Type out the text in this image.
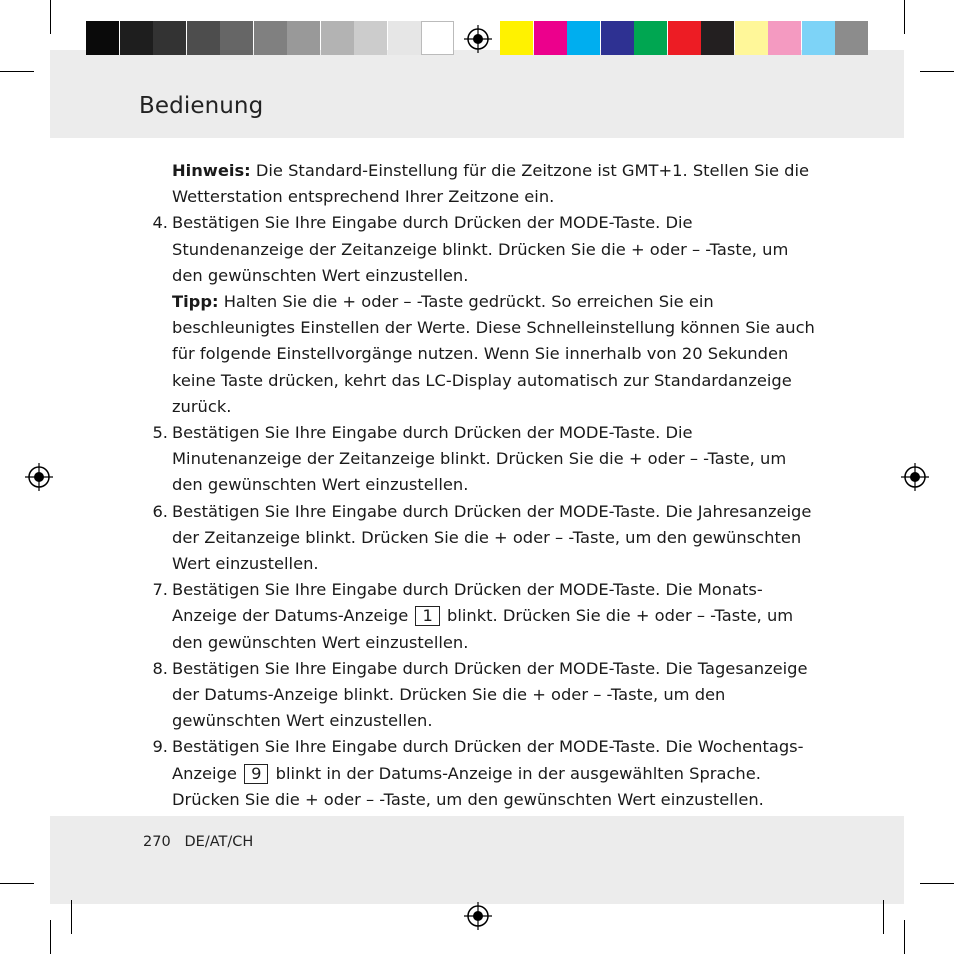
Bedienung

Hinweis: Die Standard-Einstellung für die Zeitzone ist GMT+1. Stellen Sie die Wetterstation entsprechend Ihrer Zeitzone ein.

4. Bestätigen Sie Ihre Eingabe durch Drücken der MODE-Taste. Die Stundenanzeige der Zeitanzeige blinkt. Drücken Sie die + oder – -Taste, um den gewünschten Wert einzustellen.

Tipp: Halten Sie die + oder – -Taste gedrückt. So erreichen Sie ein beschleunigtes Einstellen der Werte. Diese Schnelleinstellung können Sie auch für folgende Einstellvorgänge nutzen. Wenn Sie innerhalb von 20 Sekunden keine Taste drücken, kehrt das LC-Display automatisch zur Standardanzeige zurück.

5. Bestätigen Sie Ihre Eingabe durch Drücken der MODE-Taste. Die Minutenanzeige der Zeitanzeige blinkt. Drücken Sie die + oder – -Taste, um den gewünschten Wert einzustellen.

6. Bestätigen Sie Ihre Eingabe durch Drücken der MODE-Taste. Die Jahresanzeige der Zeitanzeige blinkt. Drücken Sie die + oder – -Taste, um den gewünschten Wert einzustellen.

7. Bestätigen Sie Ihre Eingabe durch Drücken der MODE-Taste. Die Monats-Anzeige der Datums-Anzeige 1 blinkt. Drücken Sie die + oder – -Taste, um den gewünschten Wert einzustellen.

8. Bestätigen Sie Ihre Eingabe durch Drücken der MODE-Taste. Die Tagesanzeige der Datums-Anzeige blinkt. Drücken Sie die + oder – -Taste, um den gewünschten Wert einzustellen.

9. Bestätigen Sie Ihre Eingabe durch Drücken der MODE-Taste. Die Wochentags-Anzeige 9 blinkt in der Datums-Anzeige in der ausgewählten Sprache. Drücken Sie die + oder – -Taste, um den gewünschten Wert einzustellen.

270 DE/AT/CH
